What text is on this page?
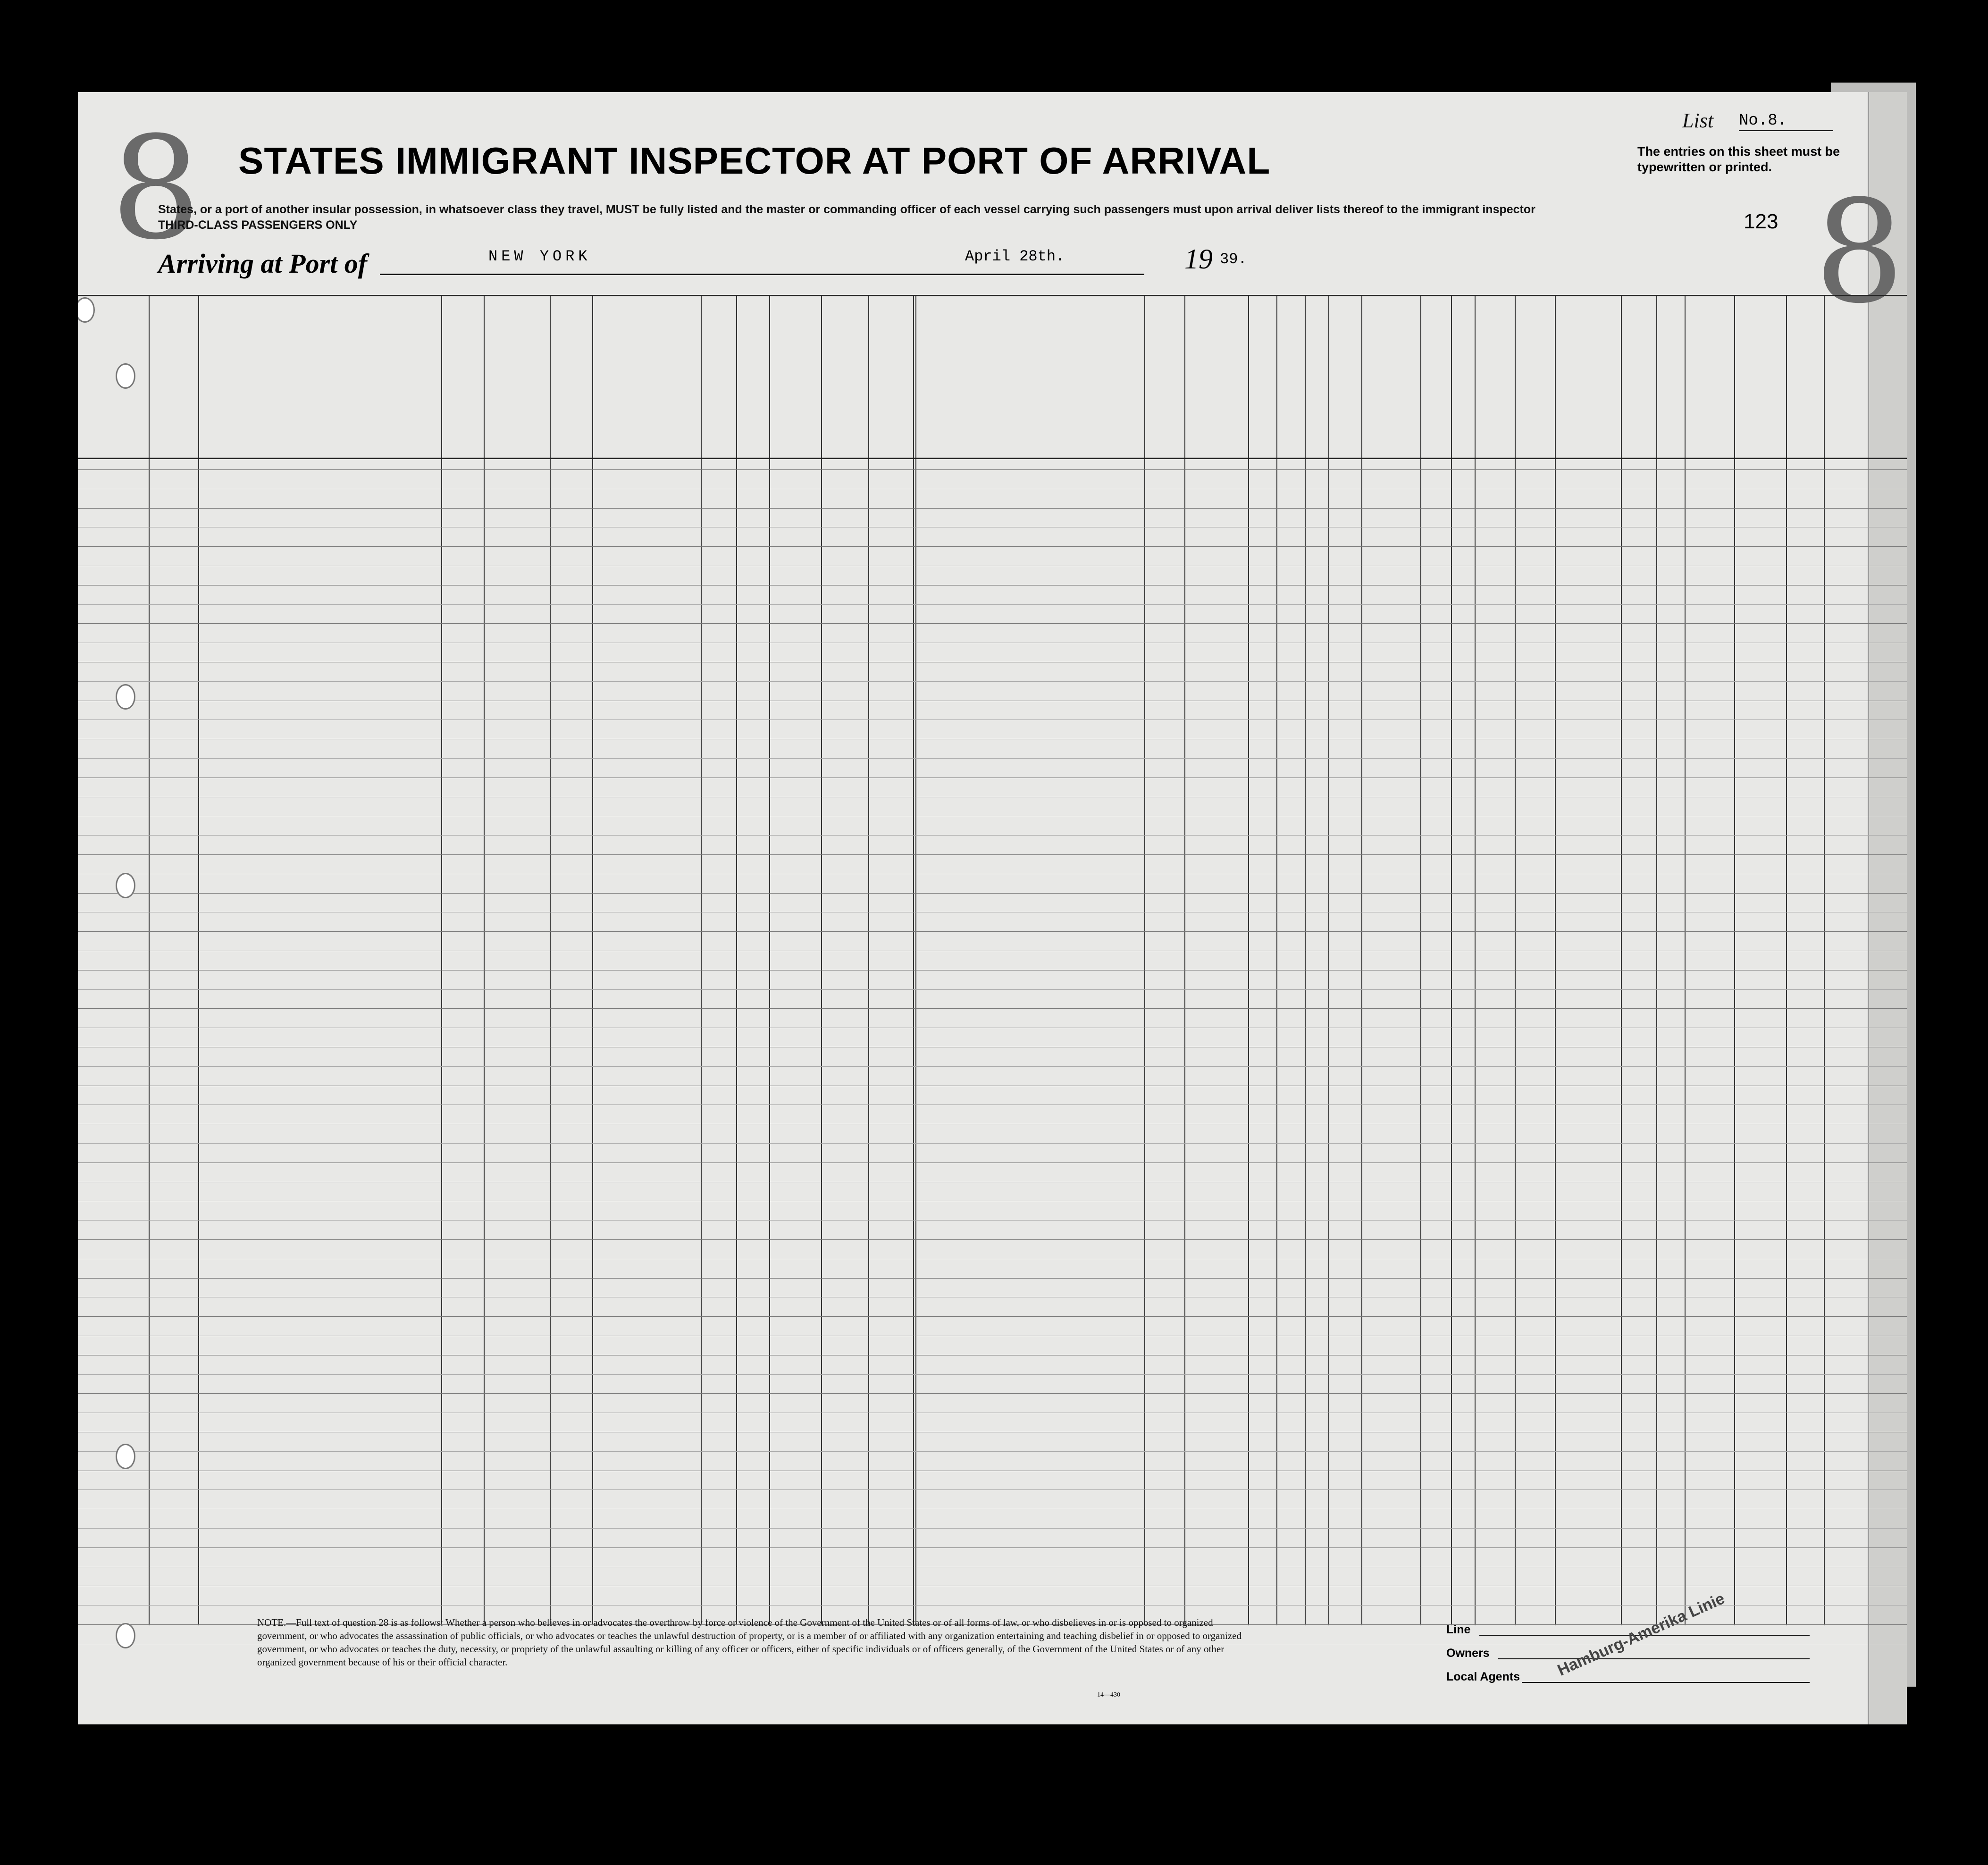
8	8
STATES IMMIGRANT INSPECTOR AT PORT OF ARRIVAL
States, or a port of another insular possession, in whatsoever class they travel, MUST be fully listed and the master or commanding officer of each vessel carrying such passengers must upon arrival deliver lists thereof to the immigrant inspector
THIRD-CLASS PASSENGERS ONLY
List No.8.
The entries on this sheet must be typewritten or printed.
123
Arriving at Port of	NEW YORK	April 28th.	19 39.
NOTE.—Full text of question 28 is as follows: Whether a person who believes in or advocates the overthrow by force or violence of the Government of the United States or of all forms of law, or who disbelieves in or is opposed to organized government, or who advocates the assassination of public officials, or who advocates or teaches the unlawful destruction of property, or is a member of or affiliated with any organization entertaining and teaching disbelief in or opposed to organized government, or who advocates or teaches the duty, necessity, or propriety of the unlawful assaulting or killing of any officer or officers, either of specific individuals or of officers generally, of the Government of the United States or of any other organized government because of his or their official character.
14—430
Line
Owners
Local Agents Hamburg-Amerika Linie
